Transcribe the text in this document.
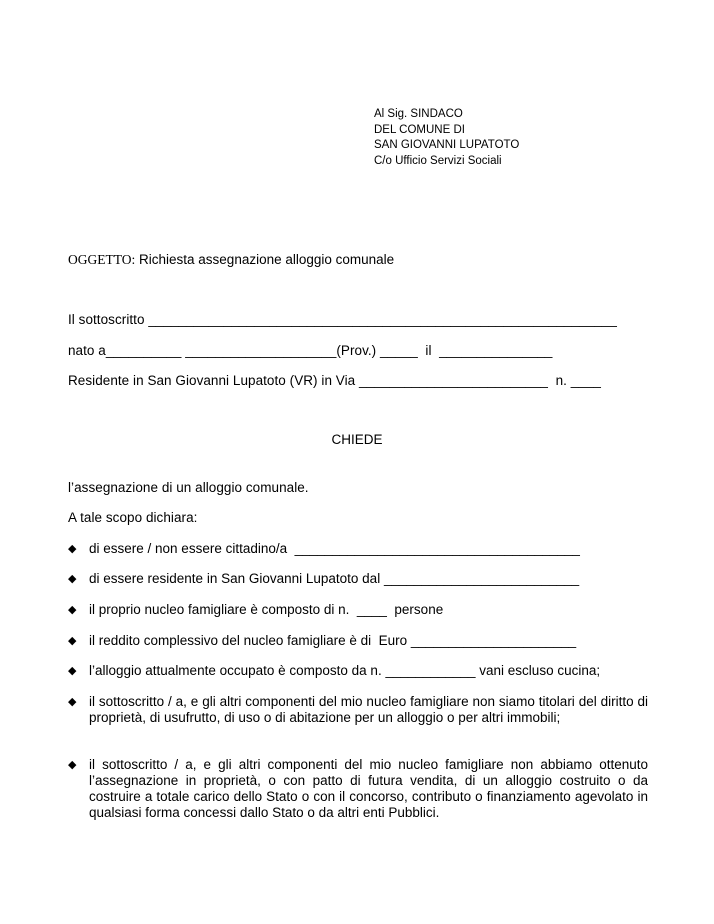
Al Sig. SINDACO
DEL COMUNE DI
SAN GIOVANNI LUPATOTO
C/o Ufficio Servizi Sociali
OGGETTO: Richiesta assegnazione alloggio comunale
Il sottoscritto ______________________________________________________________
nato a__________ ____________________(Prov.) _____  il  _______________
Residente in San Giovanni Lupatoto (VR) in Via _________________________  n. ____
CHIEDE
l’assegnazione di un alloggio comunale.
A tale scopo dichiara:
◆ di essere / non essere cittadino/a  ______________________________________
◆ di essere residente in San Giovanni Lupatoto dal __________________________
◆ il proprio nucleo famigliare è composto di n.  ____  persone
◆ il reddito complessivo del nucleo famigliare è di  Euro ______________________
◆ l’alloggio attualmente occupato è composto da n. ____________ vani escluso cucina;
◆ il sottoscritto / a, e gli altri componenti del mio nucleo famigliare non siamo titolari del diritto di proprietà, di usufrutto, di uso o di abitazione per un alloggio o per altri immobili;
◆ il sottoscritto / a, e gli altri componenti del mio nucleo famigliare non abbiamo ottenuto l’assegnazione in proprietà, o con patto di futura vendita, di un alloggio costruito o da costruire a totale carico dello Stato o con il concorso, contributo o finanziamento agevolato in qualsiasi forma concessi dallo Stato o da altri enti Pubblici.
